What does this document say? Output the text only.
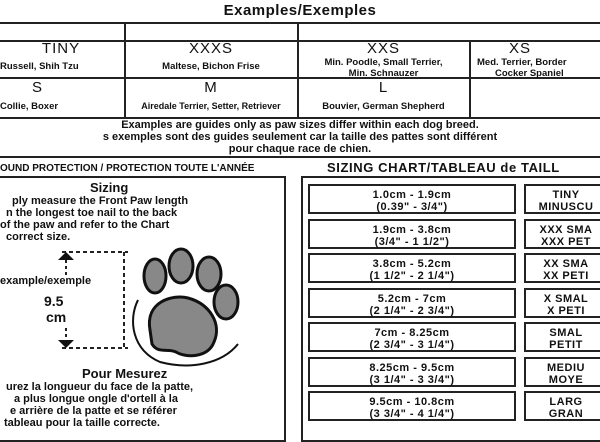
Examples/Exemples
TINY
Russell, Shih Tzu
XXXS
Maltese, Bichon Frise
XXS
Min. Poodle, Small Terrier,
Min. Schnauzer
XS
Med. Terrier, Border
Cocker Spaniel
S
Collie, Boxer
M
Airedale Terrier, Setter, Retriever
L
Bouvier, German Shepherd
Examples are guides only as paw sizes differ within each dog breed.
s exemples sont des guides seulement car la taille des pattes sont différent
pour chaque race de chien.
OUND PROTECTION / PROTECTION TOUTE L'ANNÉE	SIZING CHART/TABLEAU de TAILL
Sizing
ply measure the Front Paw length
n the longest toe nail to the back
of the paw and refer to the Chart
correct size.
example/exemple
9.5
cm
Pour Mesurez
urez la longueur du face de la patte,
a plus longue ongle d'ortell à la
e arrière de la patte et se référer
tableau pour la taille correcte.
1.0cm - 1.9cm
(0.39" - 3/4")
TINY
MINUSCU
1.9cm - 3.8cm
(3/4" - 1 1/2")
XXX SMA
XXX PET
3.8cm - 5.2cm
(1 1/2" - 2 1/4")
XX SMA
XX PETI
5.2cm - 7cm
(2 1/4" - 2 3/4")
X SMAL
X PETI
7cm - 8.25cm
(2 3/4" - 3 1/4")
SMAL
PETIT
8.25cm - 9.5cm
(3 1/4" - 3 3/4")
MEDIU
MOYE
9.5cm - 10.8cm
(3 3/4" - 4 1/4")
LARG
GRAN
